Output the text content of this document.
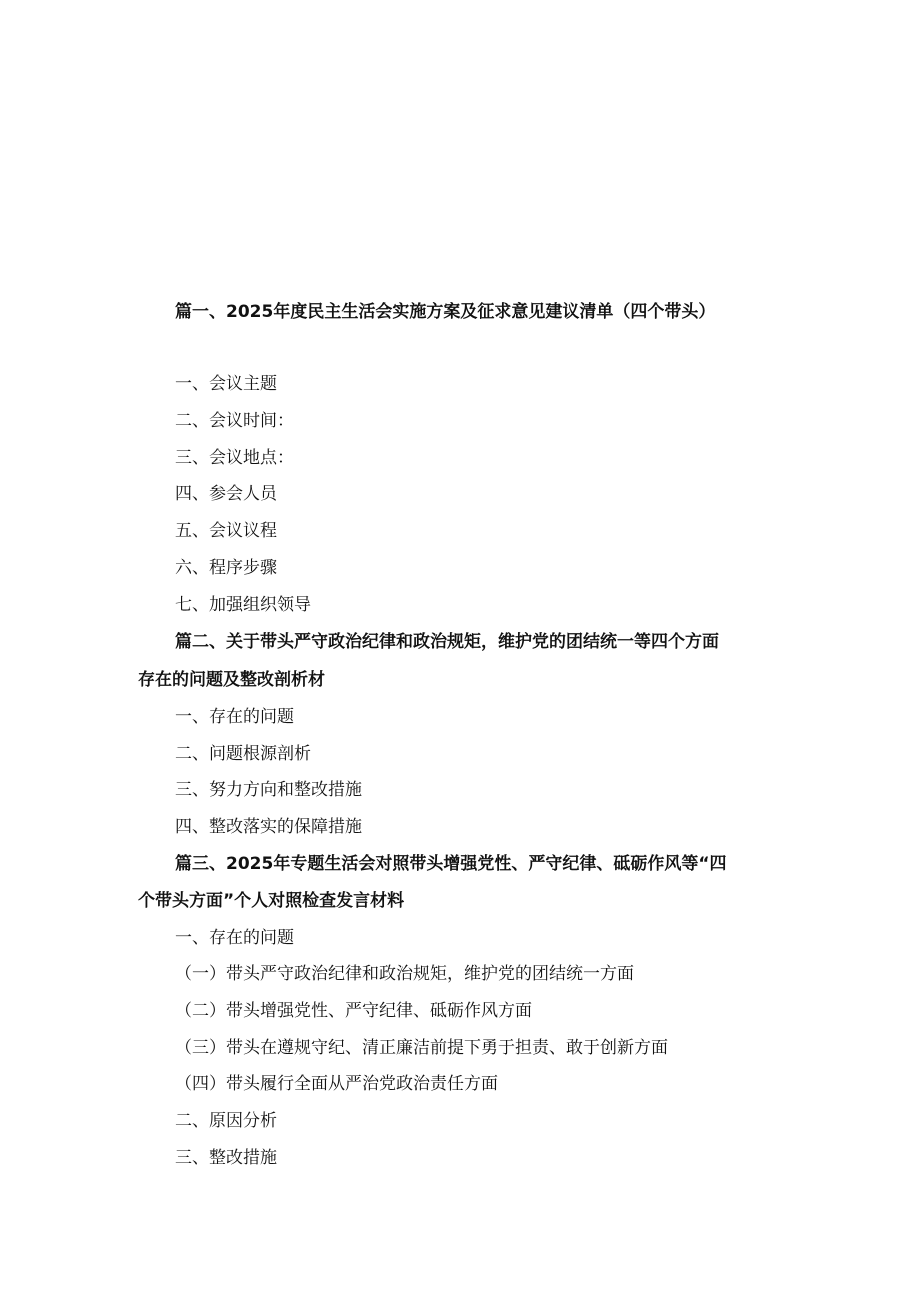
篇一、2025年度民主生活会实施方案及征求意见建议清单（四个带头）
一、会议主题
二、会议时间：
三、会议地点：
四、参会人员
五、会议议程
六、程序步骤
七、加强组织领导
篇二、关于带头严守政治纪律和政治规矩，维护党的团结统一等四个方面
存在的问题及整改剖析材
一、存在的问题
二、问题根源剖析
三、努力方向和整改措施
四、整改落实的保障措施
篇三、2025年专题生活会对照带头增强党性、严守纪律、砥砺作风等“四
个带头方面”个人对照检查发言材料
一、存在的问题
（一）带头严守政治纪律和政治规矩，维护党的团结统一方面
（二）带头增强党性、严守纪律、砥砺作风方面
（三）带头在遵规守纪、清正廉洁前提下勇于担责、敢于创新方面
（四）带头履行全面从严治党政治责任方面
二、原因分析
三、整改措施
